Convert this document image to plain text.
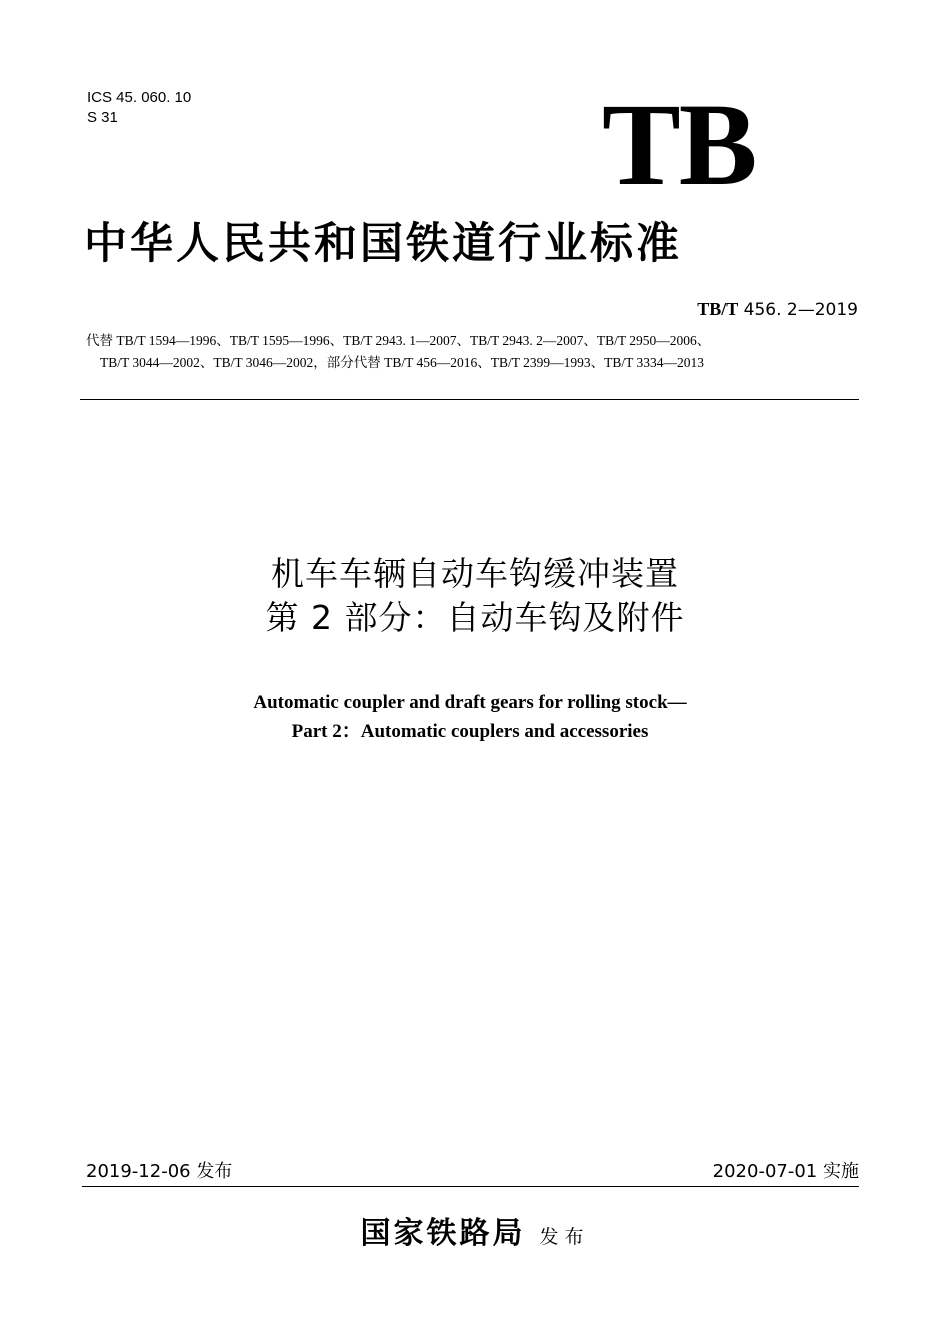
ICS 45. 060. 10
S 31	TB
中华人民共和国铁道行业标准
TB/T 456. 2—2019
代替 TB/T 1594—1996、TB/T 1595—1996、TB/T 2943. 1—2007、TB/T 2943. 2—2007、TB/T 2950—2006、
TB/T 3044—2002、TB/T 3046—2002，部分代替 TB/T 456—2016、TB/T 2399—1993、TB/T 3334—2013
机车车辆自动车钩缓冲装置
第 2 部分：自动车钩及附件
Automatic coupler and draft gears for rolling stock—
Part 2：Automatic couplers and accessories
2019-12-06 发布	2020-07-01 实施
国家铁路局 发布
